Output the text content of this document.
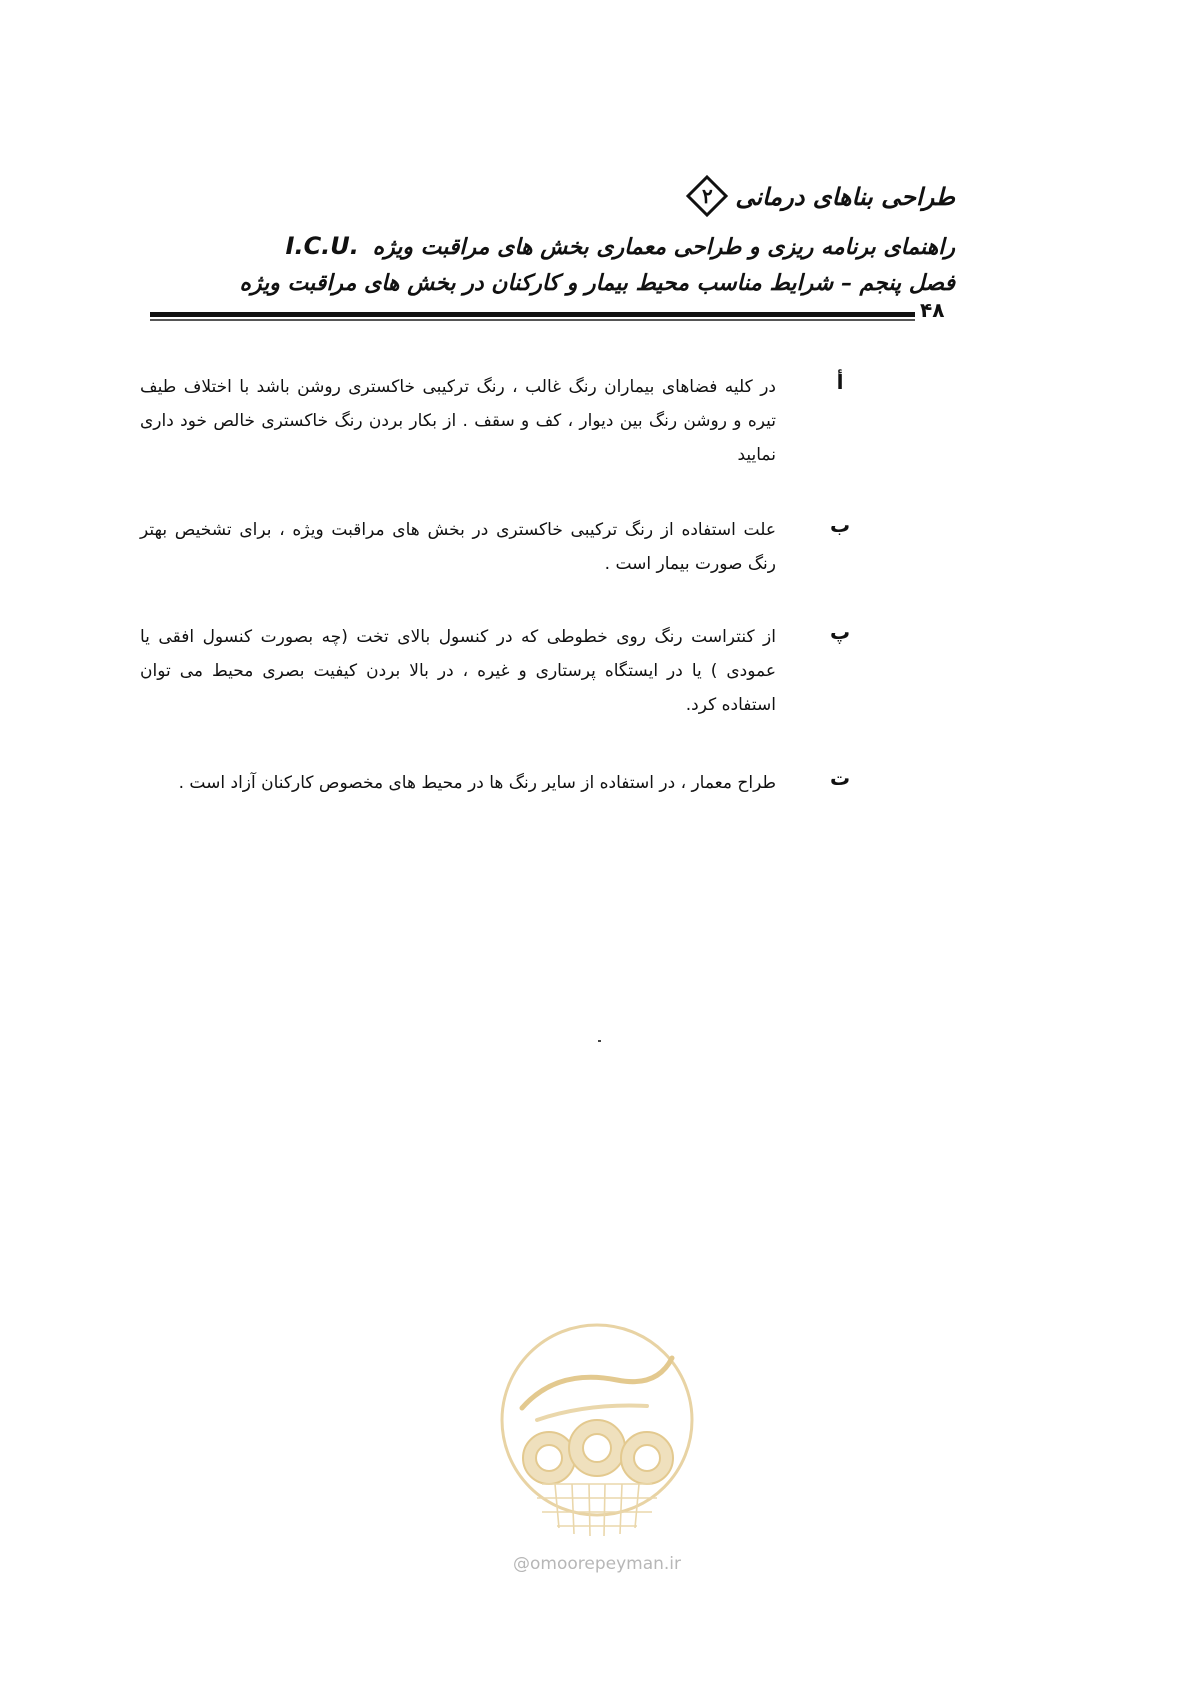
طراحی بناهای درمانی
۲
راهنمای برنامه ریزی و طراحی معماری بخش های مراقبت ویژه I.C.U.
فصل پنجم – شرایط مناسب محیط بیمار و کارکنان در بخش های مراقبت ویژه
۴۸
أ
در کلیه فضاهای بیماران رنگ غالب ، رنگ ترکیبی خاکستری روشن باشد با اختلاف طیف تیره و روشن رنگ بین دیوار ، کف و سقف . از بکار بردن رنگ خاکستری خالص خود داری نمایید
ب
علت استفاده از رنگ ترکیبی خاکستری در بخش های مراقبت ویژه ، برای تشخیص بهتر رنگ صورت بیمار است .
پ
از کنتراست رنگ روی خطوطی که در کنسول بالای تخت (چه بصورت کنسول افقی یا عمودی ) یا در ایستگاه پرستاری و غیره ، در بالا بردن کیفیت بصری محیط می توان استفاده کرد.
ت
طراح معمار ، در استفاده از سایر رنگ ها در محیط های مخصوص کارکنان آزاد است .
@omoorepeyman.ir
